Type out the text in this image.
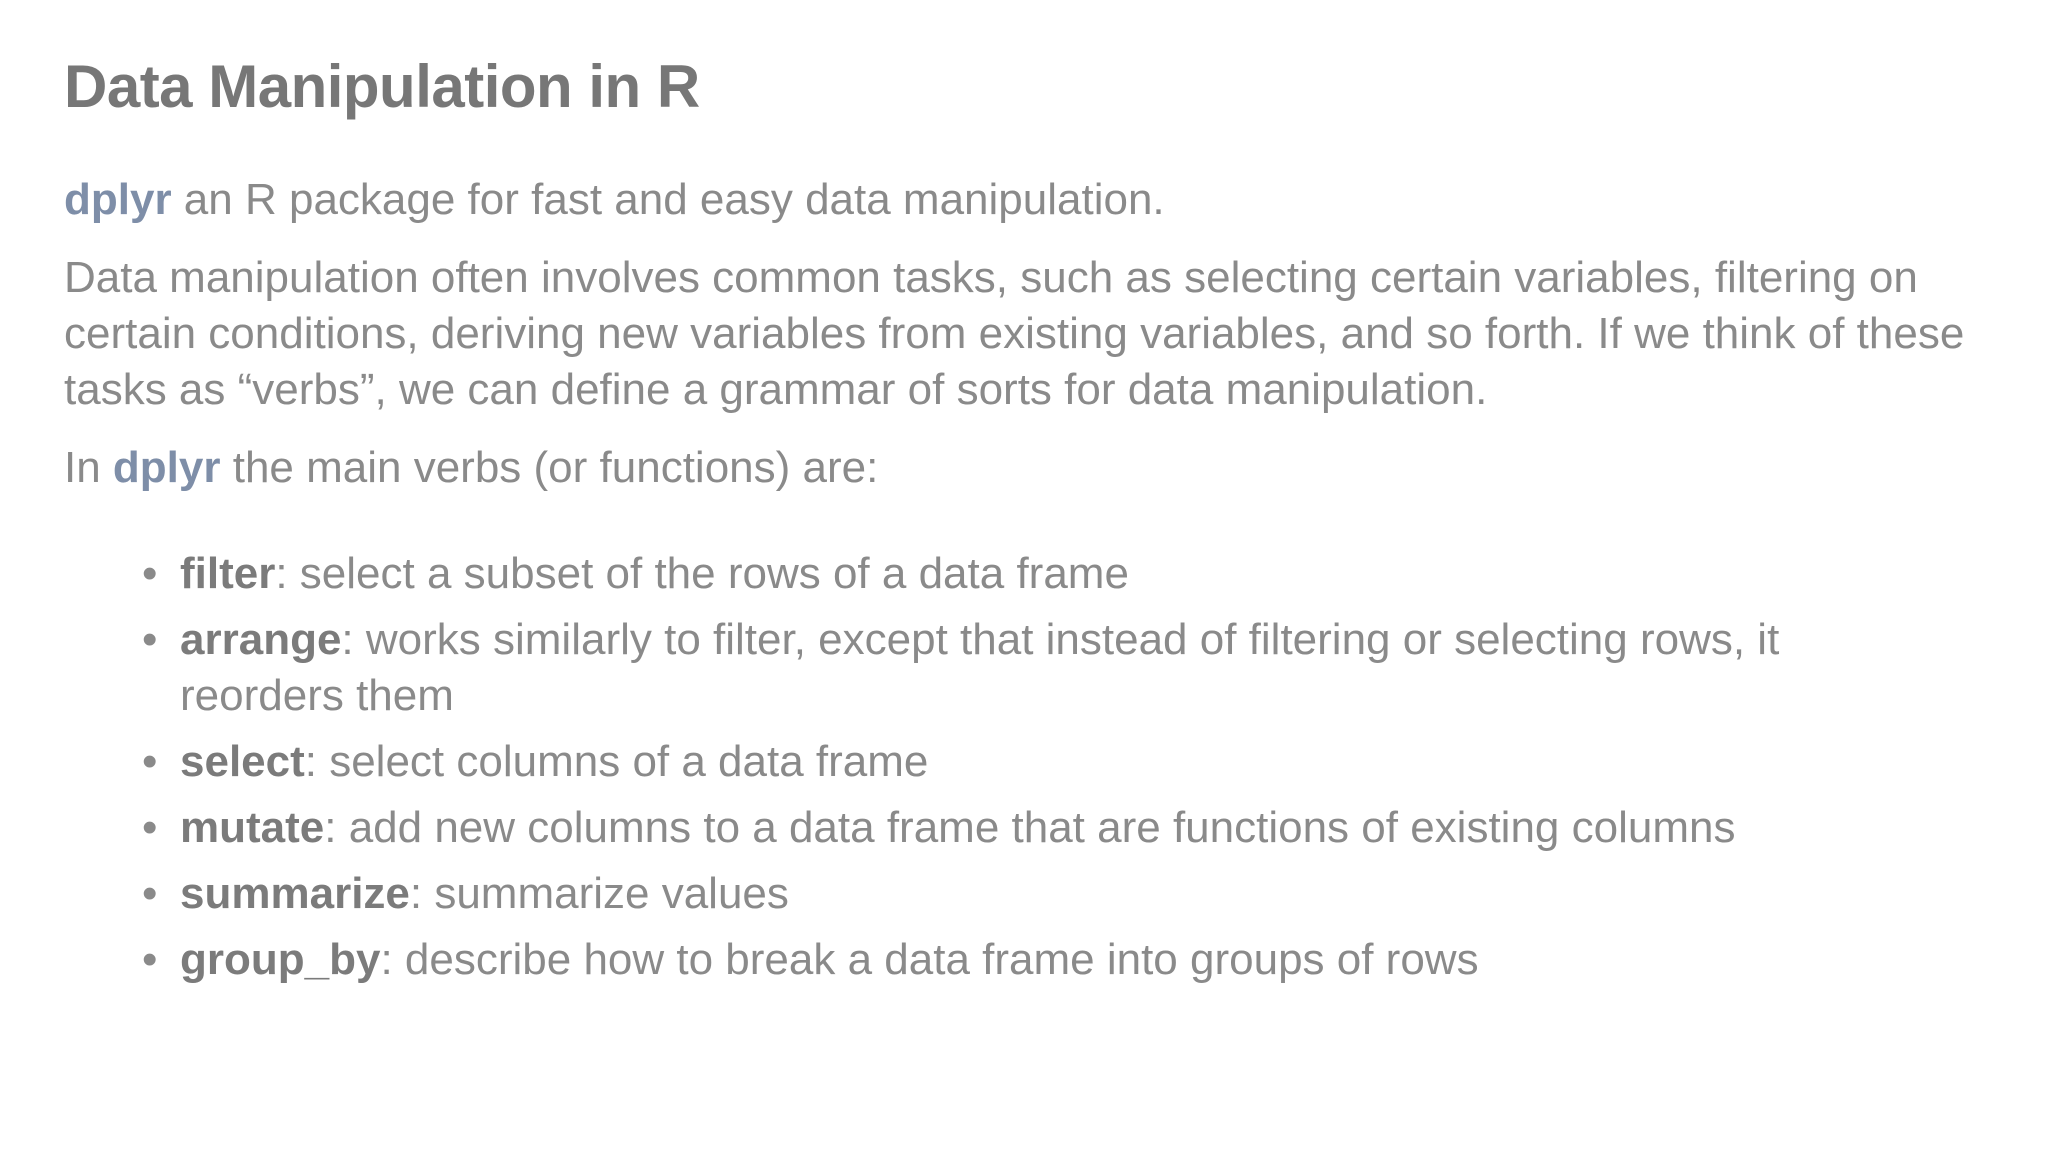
Data Manipulation in R

dplyr an R package for fast and easy data manipulation.

Data manipulation often involves common tasks, such as selecting certain variables, filtering on certain conditions, deriving new variables from existing variables, and so forth. If we think of these tasks as “verbs”, we can define a grammar of sorts for data manipulation.

In dplyr the main verbs (or functions) are:

• filter: select a subset of the rows of a data frame
• arrange: works similarly to filter, except that instead of filtering or selecting rows, it reorders them
• select: select columns of a data frame
• mutate: add new columns to a data frame that are functions of existing columns
• summarize: summarize values
• group_by: describe how to break a data frame into groups of rows
